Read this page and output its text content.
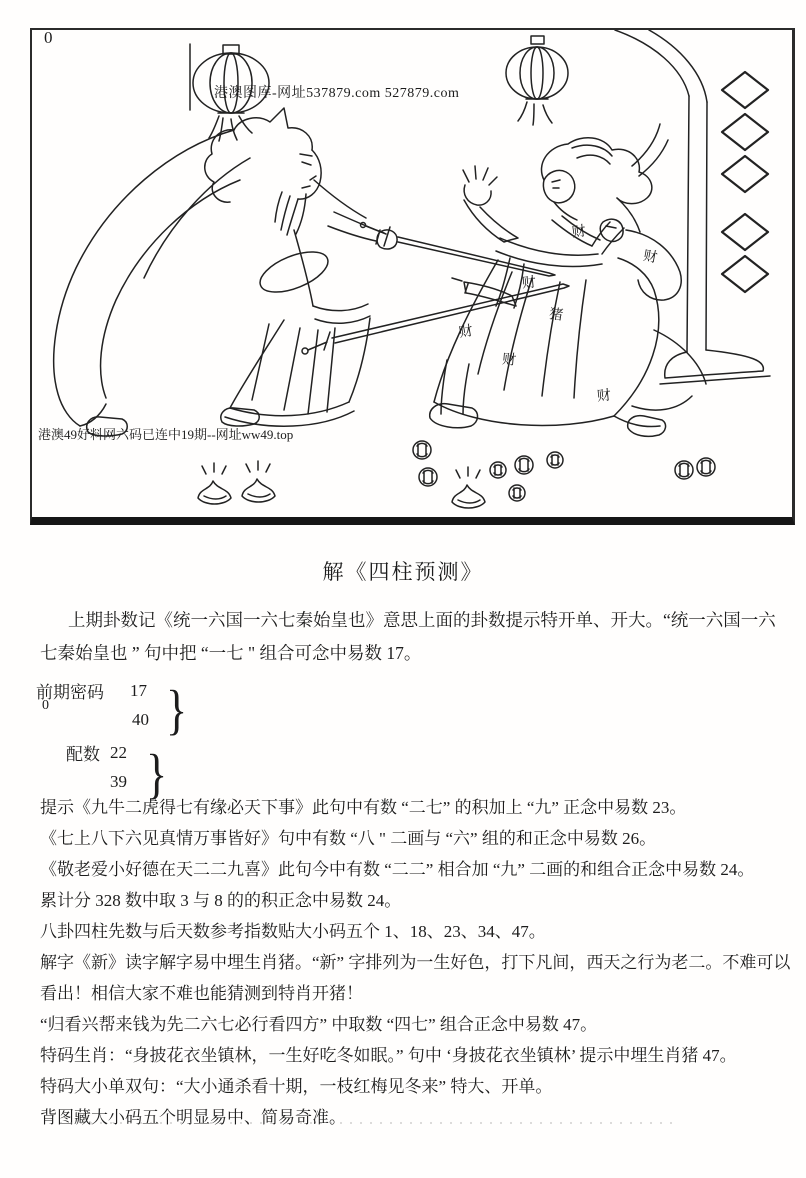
0
港澳图库-网址537879.com 527879.com
港澳49好料网六码已连中19期--网址ww49.top
财
财
财
猪
财
财
财
解《四柱预测》
上期卦数记《统一六国一六七秦始皇也》意思上面的卦数提示特开单、开大。“统一六国一六七秦始皇也 ” 句中把 “一七 " 组合可念中易数 17。
前期密码
0
17
40 }
配数 22
39 }
提示《九牛二虎得七有缘必天下事》此句中有数 “二七” 的积加上 “九” 正念中易数 23。
《七上八下六见真情万事皆好》句中有数 “八 " 二画与 “六” 组的和正念中易数 26。
《敬老爱小好德在天二二九喜》此句今中有数 “二二” 相合加 “九” 二画的和组合正念中易数 24。
累计分 328 数中取 3 与 8 的的积正念中易数 24。
八卦四柱先数与后天数参考指数贴大小码五个 1、18、23、34、47。
解字《新》读字解字易中埋生肖猪。“新” 字排列为一生好色，打下凡间，西天之行为老二。不难可以看出！相信大家不难也能猜测到特肖开猪！
“归看兴帮来钱为先二六七必行看四方” 中取数 “四七” 组合正念中易数 47。
特码生肖：“身披花衣坐镇林，一生好吃冬如眠。” 句中 ‘身披花衣坐镇林’ 提示中埋生肖猪 47。
特码大小单双句：“大小通杀看十期，一枝红梅见冬来” 特大、开单。
背图藏大小码五个明显易中、简易奇准。
